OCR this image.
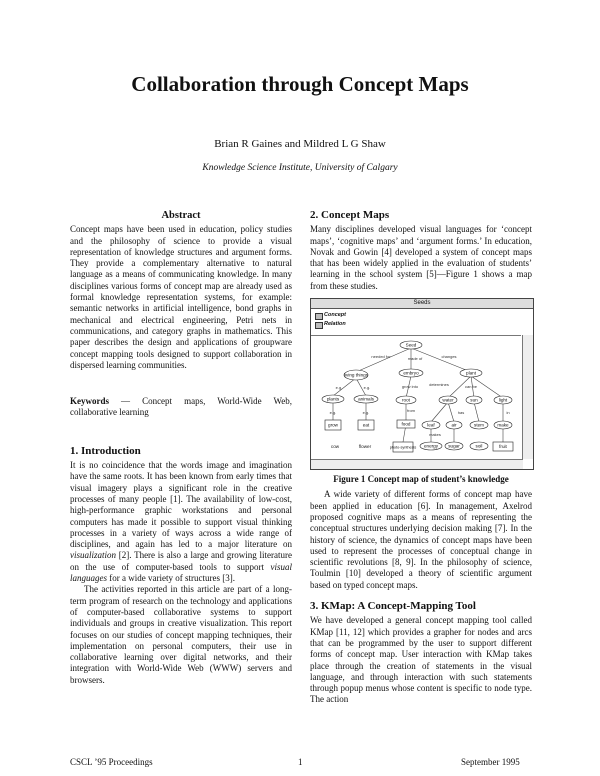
Collaboration through Concept Maps
Brian R Gaines and Mildred L G Shaw
Knowledge Science Institute, University of Calgary
Abstract

Concept maps have been used in education, policy studies and the philosophy of science to provide a visual representation of knowledge structures and argument forms. They provide a complementary alternative to natural language as a means of communicating knowledge. In many disciplines various forms of concept map are already used as formal knowledge representation systems, for example: semantic networks in artificial intelligence, bond graphs in mechanical and electrical engineering, Petri nets in communications, and category graphs in mathematics. This paper describes the design and applications of groupware concept mapping tools designed to support collaboration in dispersed learning communities.

Keywords — Concept maps, World-Wide Web, collaborative learning

1. Introduction

It is no coincidence that the words image and imagination have the same roots. It has been known from early times that visual imagery plays a significant role in the creative processes of many people [1]. The availability of low-cost, high-performance graphic workstations and personal computers has made it possible to support visual thinking processes in a variety of ways across a wide range of disciplines, and again has led to a major literature on visualization [2]. There is also a large and growing literature on the use of computer-based tools to support visual languages for a wide variety of structures [3].

The activities reported in this article are part of a long-term program of research on the technology and applications of computer-based collaborative systems to support individuals and groups in creative visualization. This report focuses on our studies of concept mapping techniques, their implementation on personal computers, their use in collaborative learning over digital networks, and their integration with World-Wide Web (WWW) servers and browsers.

2. Concept Maps

Many disciplines developed visual languages for ‘concept maps’, ‘cognitive maps’ and ‘argument forms.’ In education, Novak and Gowin [4] developed a system of concept maps that has been widely applied in the evaluation of students’ learning in the school system [5]—Figure 1 shows a map from these studies.

Seeds
Concept
Relation
Seed
living things	embryo	plant
plants	animals	root	water	sun	light
grow	eat	food	leaf	air	stem	make
photo-synthesis energy sugar	soil	fruit
cow	flower
needed for	made of	changes
e.g.	e.g.	grow into	can be
determines
from	has	in
makes
e.g.	e.g.
Figure 1 Concept map of student’s knowledge

A wide variety of different forms of concept map have been applied in education [6]. In management, Axelrod proposed cognitive maps as a means of representing the conceptual structures underlying decision making [7]. In the history of science, the dynamics of concept maps have been used to represent the processes of conceptual change in scientific revolutions [8, 9]. In the philosophy of science, Toulmin [10] developed a theory of scientific argument based on typed concept maps.

3. KMap: A Concept-Mapping Tool

We have developed a general concept mapping tool called KMap [11, 12] which provides a grapher for nodes and arcs that can be programmed by the user to support different forms of concept map. User interaction with KMap takes place through the creation of statements in the visual language, and through interaction with such statements through popup menus whose content is specific to node type. The action

CSCL ’95 Proceedings	1	September 1995
